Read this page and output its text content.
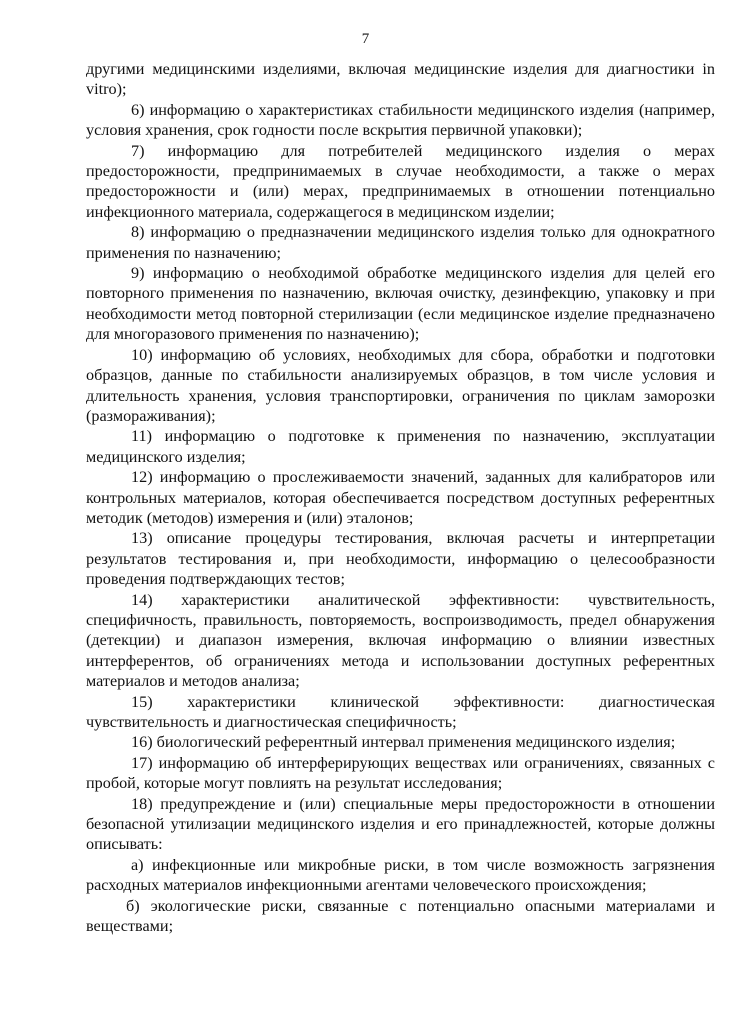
7

другими медицинскими изделиями, включая медицинские изделия для диагностики in vitro);

6) информацию о характеристиках стабильности медицинского изделия (например, условия хранения, срок годности после вскрытия первичной упаковки);

7) информацию для потребителей медицинского изделия о мерах предосторожности, предпринимаемых в случае необходимости, а также о мерах предосторожности и (или) мерах, предпринимаемых в отношении потенциально инфекционного материала, содержащегося в медицинском изделии;

8) информацию о предназначении медицинского изделия только для однократного применения по назначению;

9) информацию о необходимой обработке медицинского изделия для целей его повторного применения по назначению, включая очистку, дезинфекцию, упаковку и при необходимости метод повторной стерилизации (если медицинское изделие предназначено для многоразового применения по назначению);

10) информацию об условиях, необходимых для сбора, обработки и подготовки образцов, данные по стабильности анализируемых образцов, в том числе условия и длительность хранения, условия транспортировки, ограничения по циклам заморозки (размораживания);

11) информацию о подготовке к применения по назначению, эксплуатации медицинского изделия;

12) информацию о прослеживаемости значений, заданных для калибраторов или контрольных материалов, которая обеспечивается посредством доступных референтных методик (методов) измерения и (или) эталонов;

13) описание процедуры тестирования, включая расчеты и интерпретации результатов тестирования и, при необходимости, информацию о целесообразности проведения подтверждающих тестов;

14) характеристики аналитической эффективности: чувствительность, специфичность, правильность, повторяемость, воспроизводимость, предел обнаружения (детекции) и диапазон измерения, включая информацию о влиянии известных интерферентов, об ограничениях метода и использовании доступных референтных материалов и методов анализа;

15) характеристики клинической эффективности: диагностическая чувствительность и диагностическая специфичность;

16) биологический референтный интервал применения медицинского изделия;

17) информацию об интерферирующих веществах или ограничениях, связанных с пробой, которые могут повлиять на результат исследования;

18) предупреждение и (или) специальные меры предосторожности в отношении безопасной утилизации медицинского изделия и его принадлежностей, которые должны описывать:

а) инфекционные или микробные риски, в том числе возможность загрязнения расходных материалов инфекционными агентами человеческого происхождения;

б) экологические риски, связанные с потенциально опасными материалами и веществами;
